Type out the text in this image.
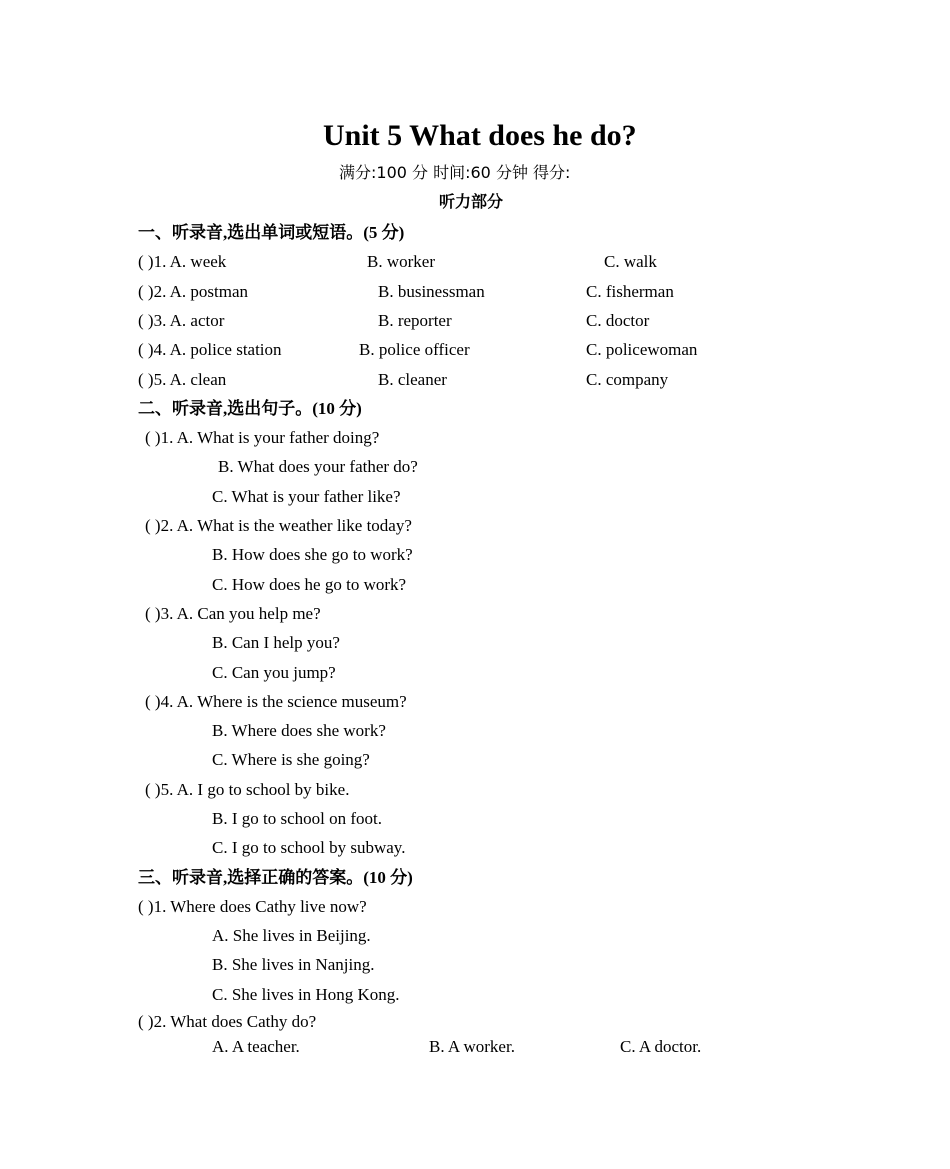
Unit 5 What does he do?
满分:100 分 时间:60 分钟 得分:
听力部分
一、听录音,选出单词或短语。(5 分)
( )1. A. week	B. worker	C. walk
( )2. A. postman	B. businessman	C. fisherman
( )3. A. actor	B. reporter	C. doctor
( )4. A. police station	B. police officer	C. policewoman
( )5. A. clean	B. cleaner	C. company
二、听录音,选出句子。(10 分)
( )1. A. What is your father doing?
B. What does your father do?
C. What is your father like?
( )2. A. What is the weather like today?
B. How does she go to work?
C. How does he go to work?
( )3. A. Can you help me?
B. Can I help you?
C. Can you jump?
( )4. A. Where is the science museum?
B. Where does she work?
C. Where is she going?
( )5. A. I go to school by bike.
B. I go to school on foot.
C. I go to school by subway.
三、听录音,选择正确的答案。(10 分)
( )1. Where does Cathy live now?
A. She lives in Beijing.
B. She lives in Nanjing.
C. She lives in Hong Kong.
( )2. What does Cathy do?
A. A teacher.	B. A worker.	C. A doctor.
